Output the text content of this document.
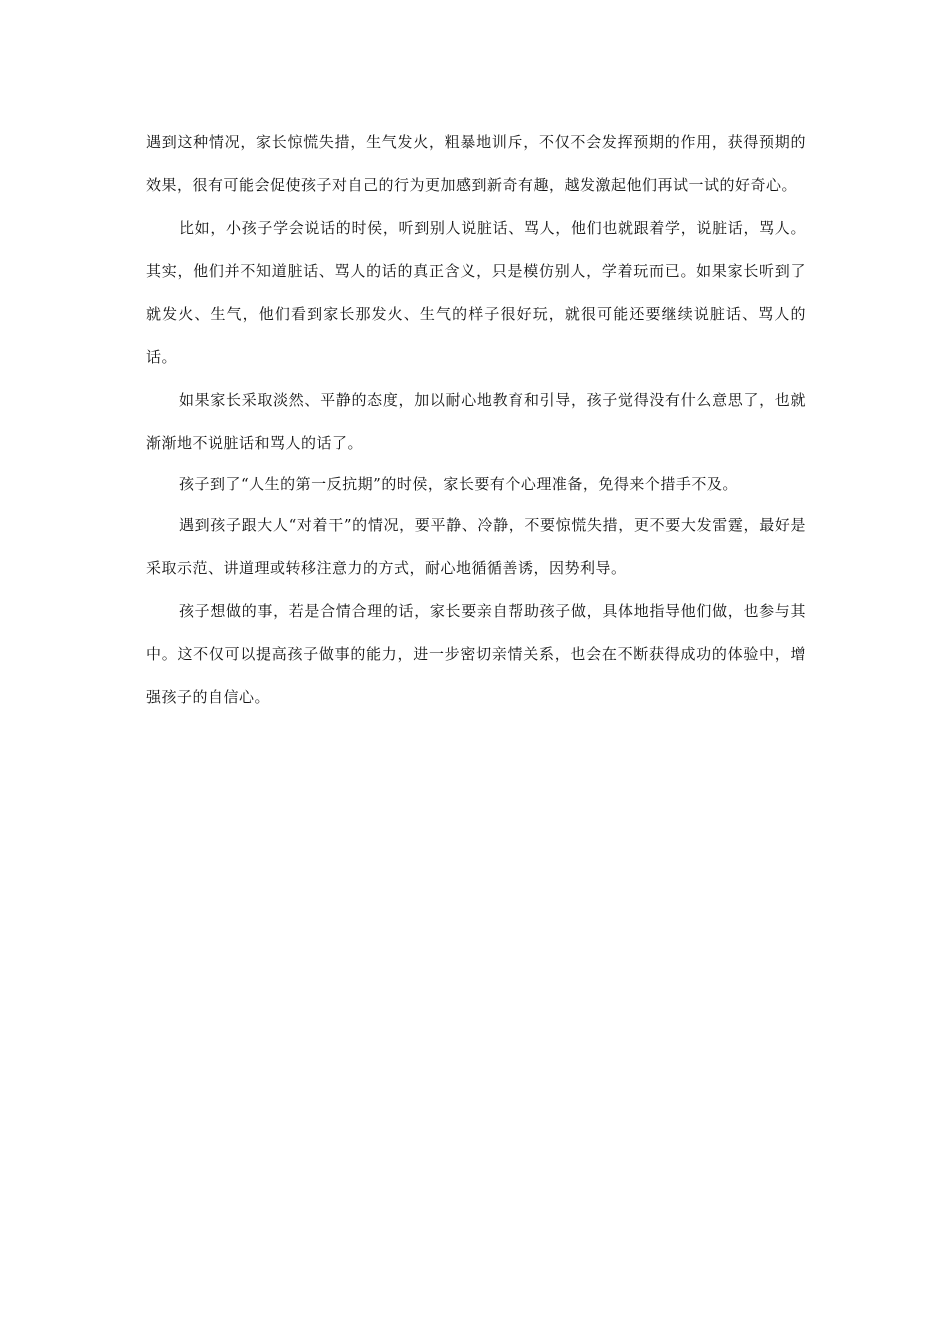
遇到这种情况，家长惊慌失措，生气发火，粗暴地训斥，不仅不会发挥预期的作用，获得预期的效果，很有可能会促使孩子对自己的行为更加感到新奇有趣，越发激起他们再试一试的好奇心。

比如，小孩子学会说话的时侯，听到别人说脏话、骂人，他们也就跟着学，说脏话，骂人。其实，他们并不知道脏话、骂人的话的真正含义，只是模仿别人，学着玩而已。如果家长听到了就发火、生气，他们看到家长那发火、生气的样子很好玩，就很可能还要继续说脏话、骂人的话。

如果家长采取淡然、平静的态度，加以耐心地教育和引导，孩子觉得没有什么意思了，也就渐渐地不说脏话和骂人的话了。

孩子到了“人生的第一反抗期”的时侯，家长要有个心理准备，免得来个措手不及。

遇到孩子跟大人“对着干”的情况，要平静、冷静，不要惊慌失措，更不要大发雷霆，最好是采取示范、讲道理或转移注意力的方式，耐心地循循善诱，因势利导。

孩子想做的事，若是合情合理的话，家长要亲自帮助孩子做，具体地指导他们做，也参与其中。这不仅可以提高孩子做事的能力，进一步密切亲情关系，也会在不断获得成功的体验中，增强孩子的自信心。
